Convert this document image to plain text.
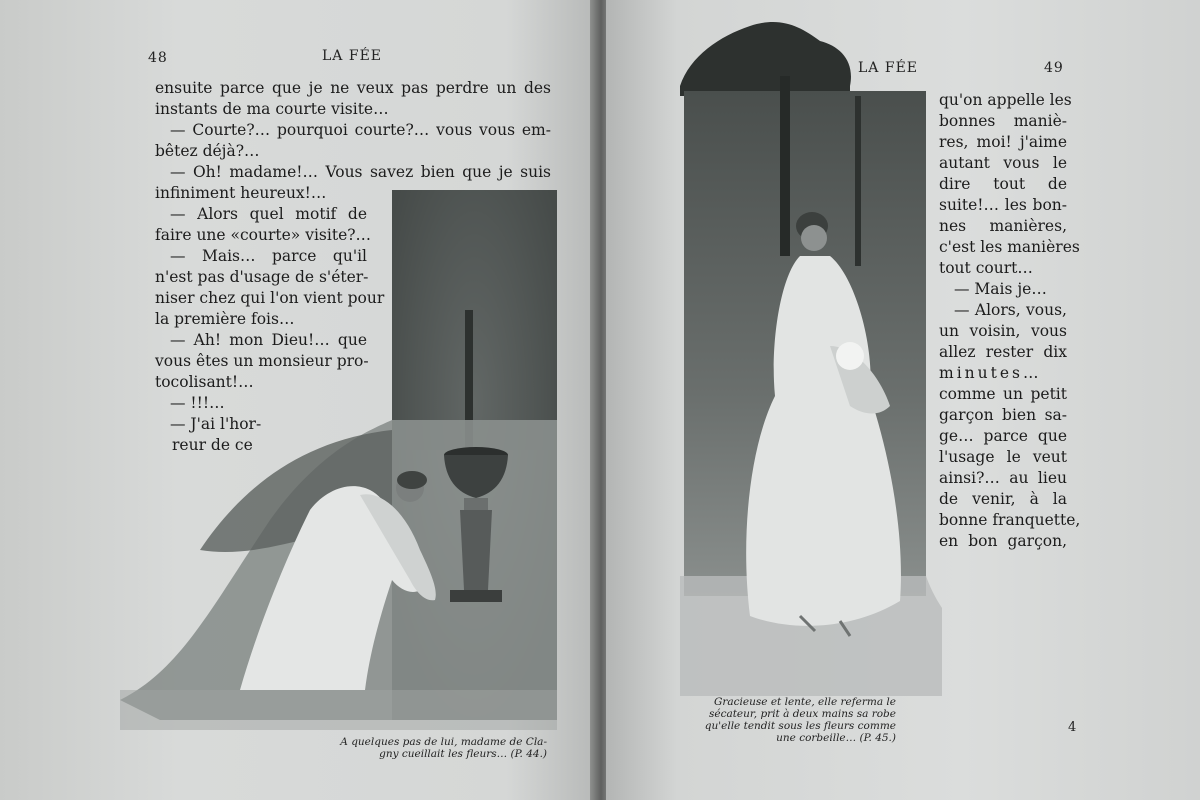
48	LA FÉE
ensuite parce que je ne veux pas perdre un des
instants de ma courte visite…
— Courte?… pourquoi courte?… vous vous em-
bêtez déjà?…
— Oh! madame!… Vous savez bien que je suis
infiniment heureux!…
— Alors quel motif de
faire une «courte» visite?…
— Mais… parce qu'il
n'est pas d'usage de s'éter-
niser chez qui l'on vient pour
la première fois…
— Ah! mon Dieu!… que
vous êtes un monsieur pro-
tocolisant!…
— !!!…
— J'ai l'hor-
reur de ce
A quelques pas de lui, madame de Cla-
gny cueillait les fleurs… (P. 44.)
LA FÉE	49
qu'on appelle les
bonnes maniè-
res, moi! j'aime
autant vous le
dire tout de
suite!… les bon-
nes manières,
c'est les manières
tout court…
— Mais je…
— Alors, vous,
un voisin, vous
allez rester dix
minutes…
comme un petit
garçon bien sa-
ge… parce que
l'usage le veut
ainsi?… au lieu
de venir, à la
bonne franquette,
en bon garçon,
Gracieuse et lente, elle referma le
sécateur, prit à deux mains sa robe
qu'elle tendit sous les fleurs comme
une corbeille… (P. 45.)
4
